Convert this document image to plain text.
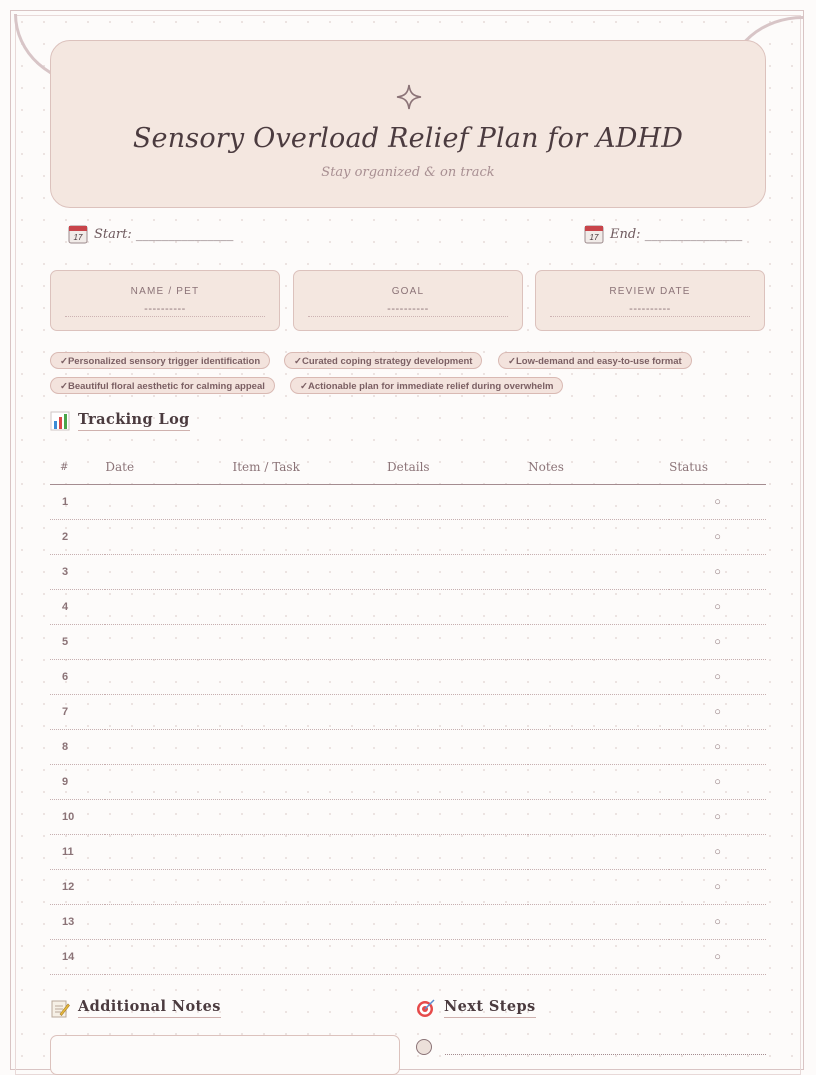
Sensory Overload Relief Plan for ADHD
Stay organized & on track
17 Start: _______________	17 End: _______________
NAME / PET
----------
GOAL
----------
REVIEW DATE
----------
✓Personalized sensory trigger identification	✓Curated coping strategy development	✓Low-demand and easy-to-use format
✓Beautiful floral aesthetic for calming appeal	✓Actionable plan for immediate relief during overwhelm
Tracking Log
#	Date	Item / Task	Details	Notes	Status
1					○
2					○
3					○
4					○
5					○
6					○
7					○
8					○
9					○
10					○
11					○
12					○
13					○
14					○
Additional Notes	Next Steps
